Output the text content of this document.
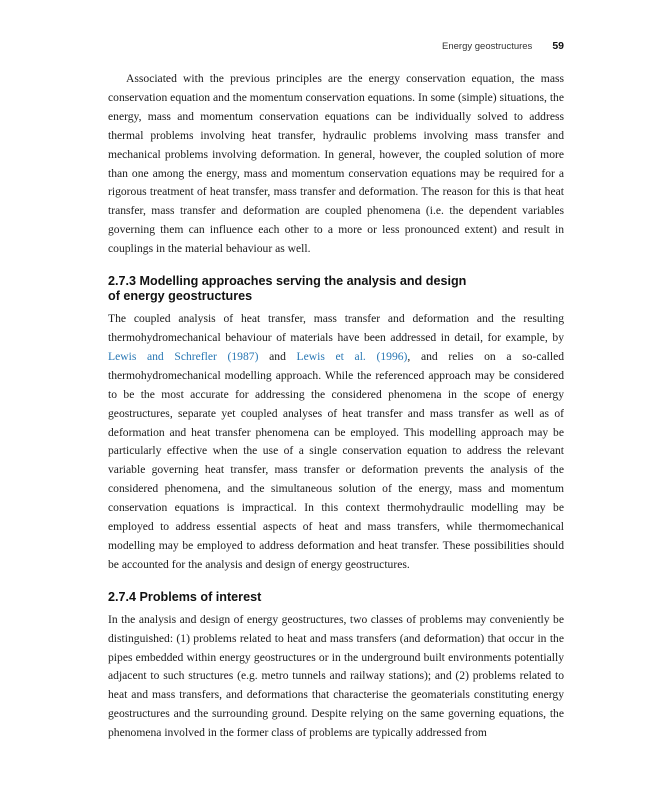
Energy geostructures 59

Associated with the previous principles are the energy conservation equation, the mass conservation equation and the momentum conservation equations. In some (simple) situations, the energy, mass and momentum conservation equations can be individually solved to address thermal problems involving heat transfer, hydraulic problems involving mass transfer and mechanical problems involving deformation. In general, however, the coupled solution of more than one among the energy, mass and momentum conservation equations may be required for a rigorous treatment of heat transfer, mass transfer and deformation. The reason for this is that heat transfer, mass transfer and deformation are coupled phenomena (i.e. the dependent variables governing them can influence each other to a more or less pronounced extent) and result in couplings in the material behaviour as well.

2.7.3 Modelling approaches serving the analysis and design
of energy geostructures

The coupled analysis of heat transfer, mass transfer and deformation and the resulting thermohydromechanical behaviour of materials have been addressed in detail, for example, by Lewis and Schrefler (1987) and Lewis et al. (1996), and relies on a so-called thermohydromechanical modelling approach. While the referenced approach may be considered to be the most accurate for addressing the considered phenomena in the scope of energy geostructures, separate yet coupled analyses of heat transfer and mass transfer as well as of deformation and heat transfer phenomena can be employed. This modelling approach may be particularly effective when the use of a single conservation equation to address the relevant variable governing heat transfer, mass transfer or deformation prevents the analysis of the considered phenomena, and the simultaneous solution of the energy, mass and momentum conservation equations is impractical. In this context thermohydraulic modelling may be employed to address essential aspects of heat and mass transfers, while thermomechanical modelling may be employed to address deformation and heat transfer. These possibilities should be accounted for the analysis and design of energy geostructures.

2.7.4 Problems of interest

In the analysis and design of energy geostructures, two classes of problems may conveniently be distinguished: (1) problems related to heat and mass transfers (and deformation) that occur in the pipes embedded within energy geostructures or in the underground built environments potentially adjacent to such structures (e.g. metro tunnels and railway stations); and (2) problems related to heat and mass transfers, and deformations that characterise the geomaterials constituting energy geostructures and the surrounding ground. Despite relying on the same governing equations, the phenomena involved in the former class of problems are typically addressed from
